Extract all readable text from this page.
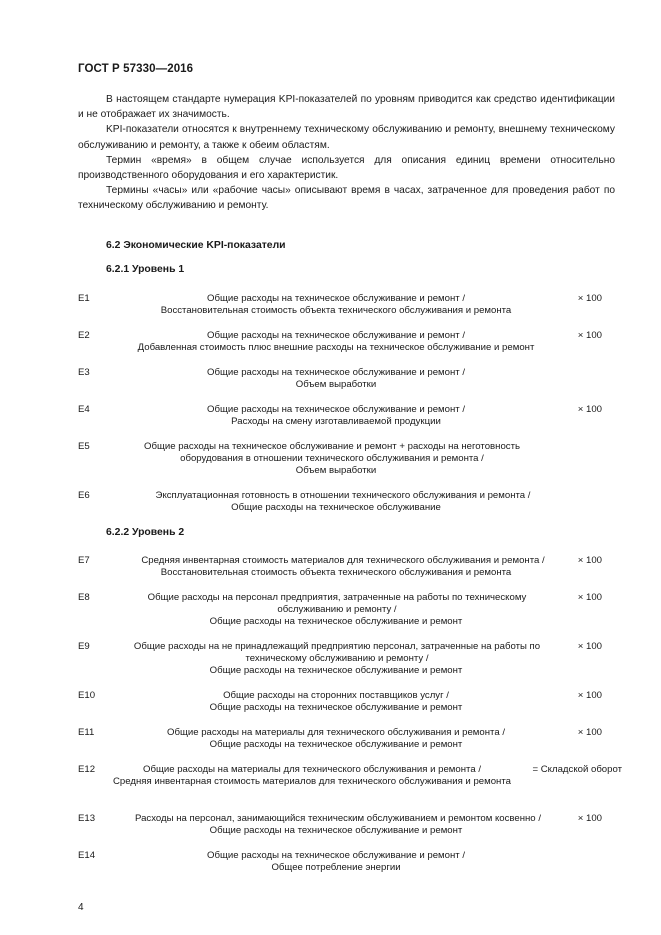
ГОСТ Р 57330—2016

В настоящем стандарте нумерация KPI-показателей по уровням приводится как средство идентификации и не отображает их значимость.

KPI-показатели относятся к внутреннему техническому обслуживанию и ремонту, внешнему техническому обслуживанию и ремонту, а также к обеим областям.

Термин «время» в общем случае используется для описания единиц времени относительно производственного оборудования и его характеристик.

Термины «часы» или «рабочие часы» описывают время в часах, затраченное для проведения работ по техническому обслуживанию и ремонту.

6.2 Экономические KPI-показатели
6.2.1 Уровень 1
E1	Общие расходы на техническое обслуживание и ремонт /
Восстановительная стоимость объекта технического обслуживания и ремонта
× 100
E2	Общие расходы на техническое обслуживание и ремонт /
Добавленная стоимость плюс внешние расходы на техническое обслуживание и ремонт
× 100
E3	Общие расходы на техническое обслуживание и ремонт /
Объем выработки
E4	Общие расходы на техническое обслуживание и ремонт /
Расходы на смену изготавливаемой продукции
× 100
E5	Общие расходы на техническое обслуживание и ремонт + расходы на неготовность оборудования в отношении технического обслуживания и ремонта /
Объем выработки
E6	Эксплуатационная готовность в отношении технического обслуживания и ремонта /
Общие расходы на техническое обслуживание
6.2.2 Уровень 2
E7	Средняя инвентарная стоимость материалов для технического обслуживания и ремонта /
Восстановительная стоимость объекта технического обслуживания и ремонта
× 100
E8	Общие расходы на персонал предприятия, затраченные на работы по техническому обслуживанию и ремонту /
Общие расходы на техническое обслуживание и ремонт
× 100
E9	Общие расходы на не принадлежащий предприятию персонал, затраченные на работы по техническому обслуживанию и ремонту /
Общие расходы на техническое обслуживание и ремонт
× 100
E10	Общие расходы на сторонних поставщиков услуг /
Общие расходы на техническое обслуживание и ремонт
× 100
E11	Общие расходы на материалы для технического обслуживания и ремонта /
Общие расходы на техническое обслуживание и ремонт
× 100
E12	Общие расходы на материалы для технического обслуживания и ремонта /
Средняя инвентарная стоимость материалов для технического обслуживания и ремонта
= Складской оборот
E13	Расходы на персонал, занимающийся техническим обслуживанием и ремонтом косвенно /
Общие расходы на техническое обслуживание и ремонт
× 100
E14	Общие расходы на техническое обслуживание и ремонт /
Общее потребление энергии
4
